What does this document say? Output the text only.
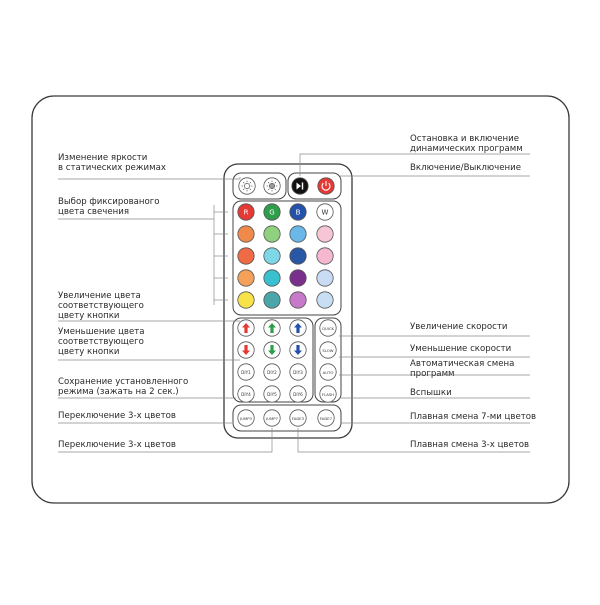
R	G	B	W
DIY1	DIY2	DIY3
DIY4	DIY5	DIY6
QUICK
SLOW
AUTO
FLASH
JUMP3	JUMP7	FADE3	FADE7
Изменение яркости
в статических режимах
Выбор фиксированого
цвета свечения
Увеличение цвета
соответствующего
цвету кнопки
Уменьшение цвета
соответствующего
цвету кнопки
Сохранение установленного
режима (зажать на 2 сек.)
Переключение 3-х цветов
Переключение 3-х цветов
Остановка и включение
динамических программ
Включение/Выключение
Увеличение скорости
Уменьшение скорости
Автоматическая смена
программ
Вспышки
Плавная смена 7-ми цветов
Плавная смена 3-х цветов
